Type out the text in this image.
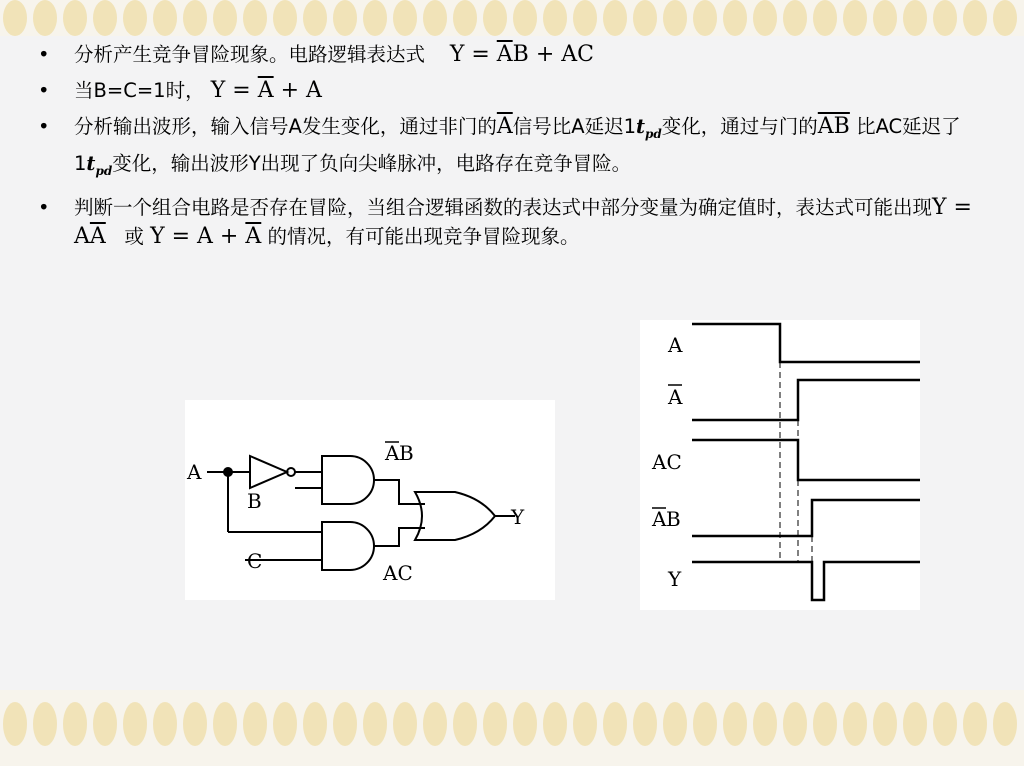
• 分析产生竞争冒险现象。电路逻辑表达式 $Y = \overline{A}B$ + AC
• 当B=C=1时， $Y = \overline{A} + A$
• 分析输出波形，输入信号A发生变化，通过非门的$\overline{A}$信号比A延迟$1t_{pd}$变化，通过与门的$\overline{AB}$ 比AC延迟了$1t_{pd}$变化，输出波形Y出现了负向尖峰脉冲，电路存在竞争冒险。
• 判断一个组合电路是否存在冒险，当组合逻辑函数的表达式中部分变量为确定值时，表达式可能出现$Y = A\overline{A}$ 或 $Y = A + \overline{A}$ 的情况，有可能出现竞争冒险现象。
A
B
C
A B
AC
Y
A
A
AC
A B
Y
